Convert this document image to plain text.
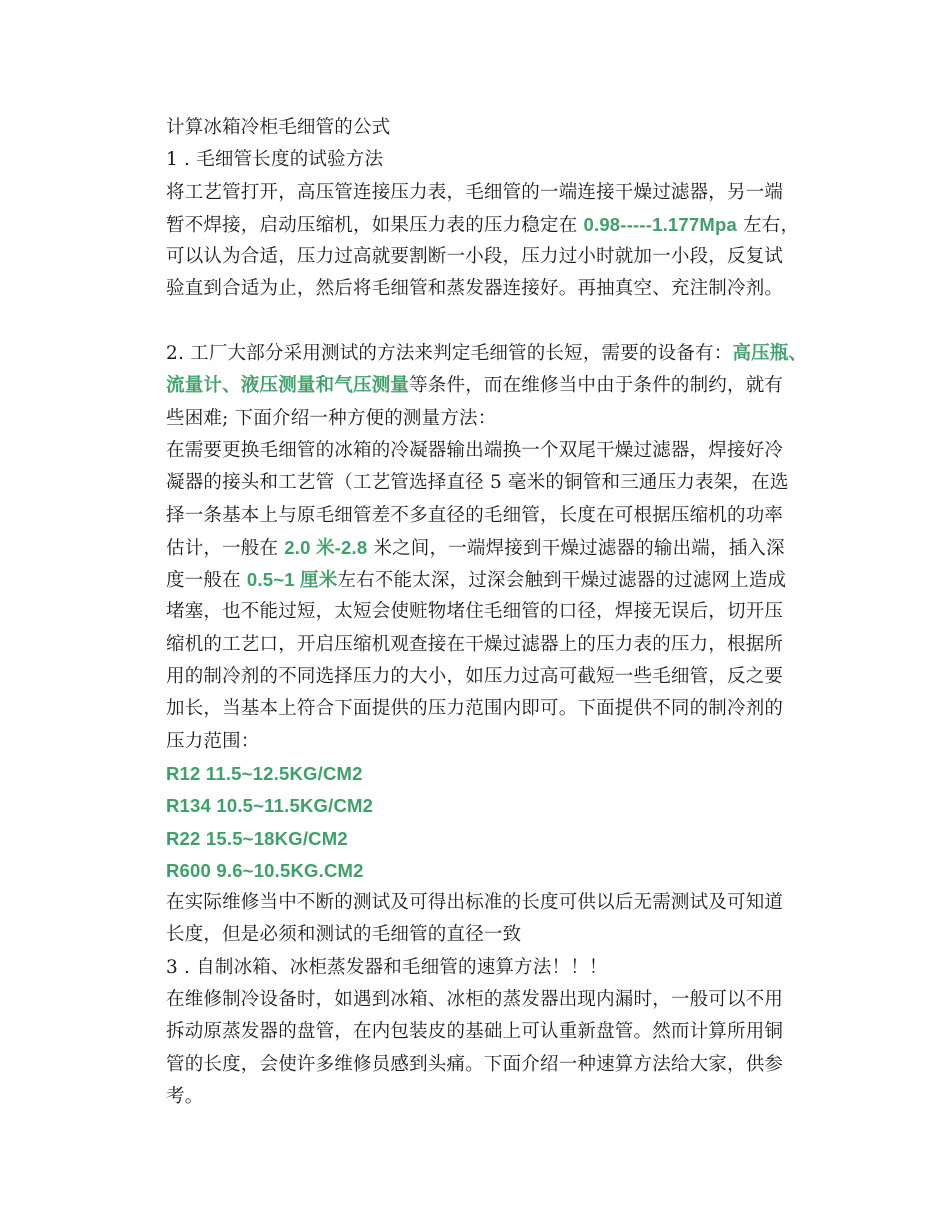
计算冰箱冷柜毛细管的公式
1 . 毛细管长度的试验方法
将工艺管打开，高压管连接压力表，毛细管的一端连接干燥过滤器，另一端
暂不焊接，启动压缩机，如果压力表的压力稳定在 0.98-----1.177Mpa 左右，
可以认为合适，压力过高就要割断一小段，压力过小时就加一小段，反复试
验直到合适为止，然后将毛细管和蒸发器连接好。再抽真空、充注制冷剂。
2. 工厂大部分采用测试的方法来判定毛细管的长短，需要的设备有：高压瓶、
流量计、液压测量和气压测量等条件，而在维修当中由于条件的制约，就有
些困难; 下面介绍一种方便的测量方法：
在需要更换毛细管的冰箱的冷凝器输出端换一个双尾干燥过滤器，焊接好冷
凝器的接头和工艺管（工艺管选择直径 5 毫米的铜管和三通压力表架，在选
择一条基本上与原毛细管差不多直径的毛细管，长度在可根据压缩机的功率
估计，一般在 2.0 米-2.8 米之间，一端焊接到干燥过滤器的输出端，插入深
度一般在 0.5~1 厘米左右不能太深，过深会触到干燥过滤器的过滤网上造成
堵塞，也不能过短，太短会使赃物堵住毛细管的口径，焊接无误后，切开压
缩机的工艺口，开启压缩机观查接在干燥过滤器上的压力表的压力，根据所
用的制冷剂的不同选择压力的大小，如压力过高可截短一些毛细管，反之要
加长，当基本上符合下面提供的压力范围内即可。下面提供不同的制冷剂的
压力范围：
R12 11.5~12.5KG/CM2
R134 10.5~11.5KG/CM2
R22 15.5~18KG/CM2
R600 9.6~10.5KG.CM2
在实际维修当中不断的测试及可得出标准的长度可供以后无需测试及可知道
长度，但是必须和测试的毛细管的直径一致
3 . 自制冰箱、冰柜蒸发器和毛细管的速算方法！！！
在维修制冷设备时，如遇到冰箱、冰柜的蒸发器出现内漏时，一般可以不用
拆动原蒸发器的盘管，在内包装皮的基础上可认重新盘管。然而计算所用铜
管的长度，会使许多维修员感到头痛。下面介绍一种速算方法给大家，供参
考。
